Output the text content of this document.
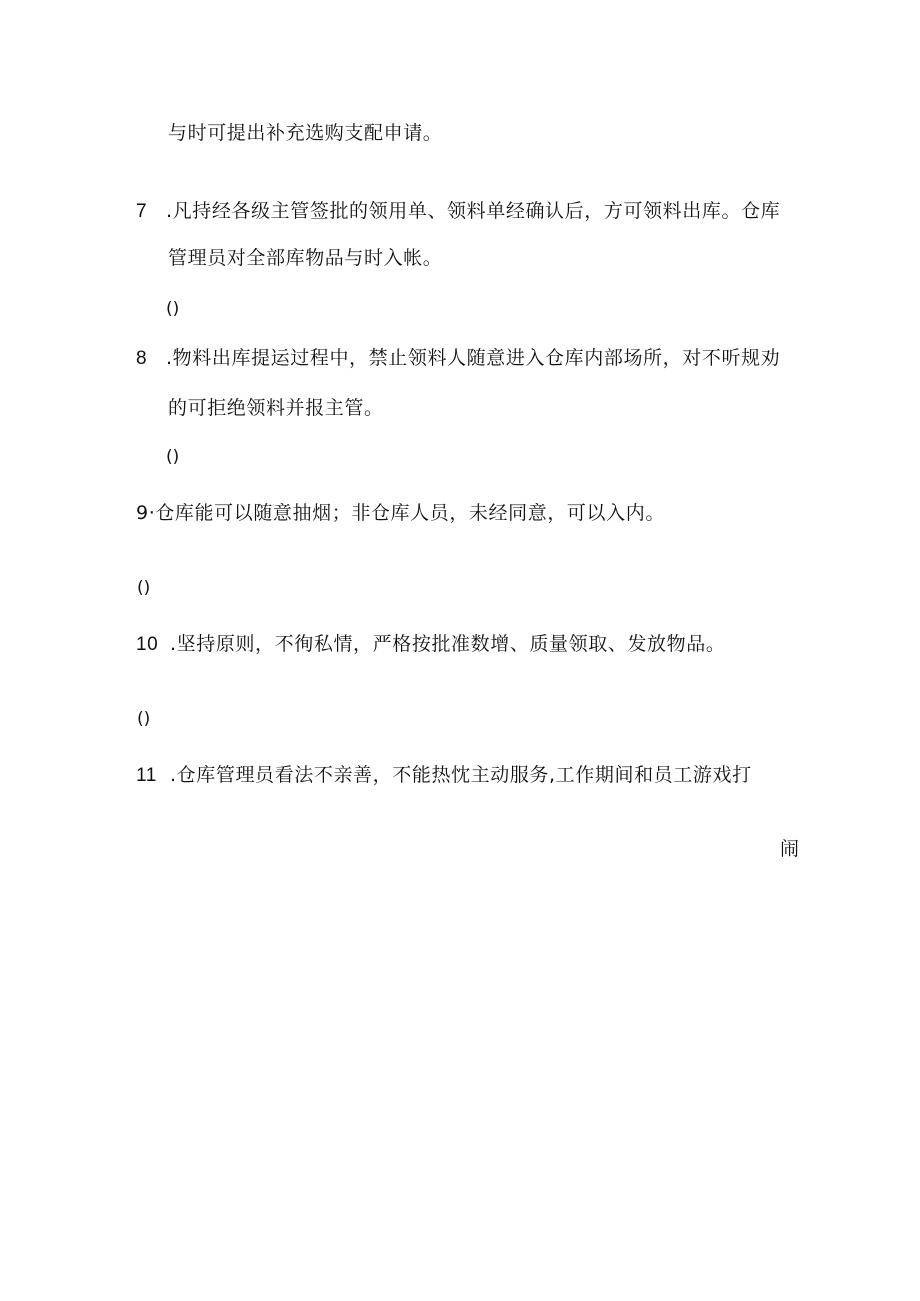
与时可提出补充选购支配申请。
7 .凡持经各级主管签批的领用单、领料单经确认后，方可领料出库。仓库
管理员对全部库物品与时入帐。
()
8 .物料出库提运过程中，禁止领料人随意进入仓库内部场所，对不听规劝
的可拒绝领料并报主管。
()
9·仓库能可以随意抽烟；非仓库人员，未经同意，可以入内。
()
10 .坚持原则，不徇私情，严格按批准数增、质量领取、发放物品。
()
11 .仓库管理员看法不亲善，不能热忱主动服务,工作期间和员工游戏打
闹
